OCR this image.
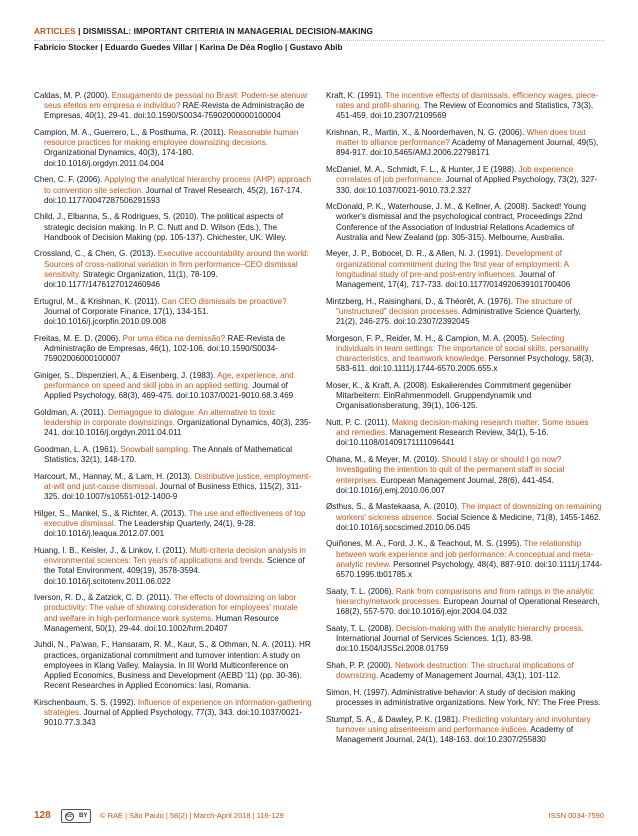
ARTICLES | DISMISSAL: IMPORTANT CRITERIA IN MANAGERIAL DECISION-MAKING
Fabricio Stocker | Eduardo Guedes Villar | Karina De Déa Roglio | Gustavo Abib

Caldas, M. P. (2000). Enxugamento de pessoal no Brasil: Podem-se atenuar seus efeitos em empresa e indivíduo? RAE-Revista de Administração de Empresas, 40(1), 29-41. doi:10.1590/S0034-75902000000100004

Campion, M. A., Guerrero, L., & Posthuma, R. (2011). Reasonable human resource practices for making employee downsizing decisions. Organizational Dynamics, 40(3), 174-180. doi:10.1016/j.orgdyn.2011.04.004

Chen, C. F. (2006). Applying the analytical hierarchy process (AHP) approach to convention site selection. Journal of Travel Research, 45(2), 167-174. doi:10.1177/0047287506291593

Child, J., Elbanna, S., & Rodrigues, S. (2010). The political aspects of strategic decision making. In P. C. Nutt and D. Wilson (Eds.), The Handbook of Decision Making (pp. 105-137). Chichester, UK: Wiley.

Crossland, C., & Chen, G. (2013). Executive accountability around the world: Sources of cross-national variation in firm performance–CEO dismissal sensitivity. Strategic Organization, 11(1), 78-109. doi:10.1177/1476127012460946

Ertugrul, M., & Krishnan, K. (2011). Can CEO dismissals be proactive? Journal of Corporate Finance, 17(1), 134-151. doi:10.1016/j.jcorpfin.2010.09.008

Freitas, M. E. D. (2006). Por uma ética na demissão? RAE-Revista de Administração de Empresas, 46(1), 102-106. doi:10.1590/S0034-75902006000100007

Giniger, S., Dispenzieri, A., & Eisenberg, J. (1983). Age, experience, and performance on speed and skill jobs in an applied setting. Journal of Applied Psychology, 68(3), 469-475. doi:10.1037/0021-9010.68.3.469

Goldman, A. (2011). Demagogue to dialogue: An alternative to toxic leadership in corporate downsizings. Organizational Dynamics, 40(3), 235-241. doi:10.1016/j.orgdyn.2011.04.011

Goodman, L. A. (1961). Snowball sampling. The Annals of Mathematical Statistics, 32(1), 148-170.

Harcourt, M., Hannay, M., & Lam, H. (2013). Distributive justice, employment-at-will and just-cause dismissal. Journal of Business Ethics, 115(2), 311-325. doi:10.1007/s10551-012-1400-9

Hilger, S., Mankel, S., & Richter, A. (2013). The use and effectiveness of top executive dismissal. The Leadership Quarterly, 24(1), 9-28. doi:10.1016/j.leaqua.2012.07.001

Huang, I. B., Keisler, J., & Linkov, I. (2011). Multi-criteria decision analysis in environmental sciences: Ten years of applications and trends. Science of the Total Environment, 409(19), 3578-3594. doi:10.1016/j.scitotenv.2011.06.022

Iverson, R. D., & Zatzick, C. D. (2011). The effects of downsizing on labor productivity: The value of showing consideration for employees' morale and welfare in high-performance work systems. Human Resource Management, 50(1), 29-44. doi:10.1002/hrm.20407

Juhdi, N., Pa'wan, F., Hansaram, R. M., Kaur, S., & Othman, N. A. (2011). HR practices, organizational commitment and turnover intention: A study on employees in Klang Valley, Malaysia. In III World Multiconference on Applied Economics, Business and Development (AEBD '11) (pp. 30-36). Recent Researches in Applied Economics: Iasi, Romania.

Kirschenbaum, S. S. (1992). Influence of experience on information-gathering strategies. Journal of Applied Psychology, 77(3), 343. doi:10.1037/0021-9010.77.3.343

Kraft, K. (1991). The incentive effects of dismissals, efficiency wages, piece-rates and profit-sharing. The Review of Economics and Statistics, 73(3), 451-459. doi:10.2307/2109569

Krishnan, R., Martin, X., & Noorderhaven, N. G. (2006). When does trust matter to alliance performance? Academy of Management Journal, 49(5), 894-917. doi:10.5465/AMJ.2006.22798171

McDaniel, M. A., Schmidt, F. L., & Hunter, J E (1988). Job experience correlates of job performance. Journal of Applied Psychology, 73(2), 327-330. doi:10.1037/0021-9010.73.2.327

McDonald, P. K., Waterhouse, J. M., & Kellner, A. (2008). Sacked! Young worker's dismissal and the psychological contract, Proceedings 22nd Conference of the Association of Industrial Relations Academics of Australia and New Zealand (pp. 305-315). Melbourne, Australia.

Meyer, J. P., Bobocel, D. R., & Allen, N. J. (1991). Development of organizational commitment during the first year of employment: A longitudinal study of pre-and post-entry influences. Journal of Management, 17(4), 717-733. doi:10.1177/014920639101700406

Mintzberg, H., Raisinghani, D., & Théorêt, A. (1976). The structure of "unstructured" decision processes. Administrative Science Quarterly, 21(2), 246-275. doi:10.2307/2392045

Morgeson, F. P., Reider, M. H., & Campion, M. A. (2005). Selecting individuals in team settings: The importance of social skills, personality characteristics, and teamwork knowledge. Personnel Psychology, 58(3), 583-611. doi:10.1111/j.1744-6570.2005.655.x

Moser, K., & Kraft, A. (2008). Eskalierendes Commitment gegenüber Mitarbeitern: EinRahmenmodell. Gruppendynamik und Organisationsberatung, 39(1), 106-125.

Nutt, P. C. (2011). Making decision-making research matter: Some issues and remedies. Management Research Review, 34(1), 5-16. doi:10.1108/01409171111096441

Ohana, M., & Meyer, M. (2010). Should I stay or should I go now? Investigating the intention to quit of the permanent staff in social enterprises. European Management Journal, 28(6), 441-454. doi:10.1016/j.emj.2010.06.007

Østhus, S., & Mastekaasa, A. (2010). The impact of downsizing on remaining workers' sickness absence. Social Science & Medicine, 71(8), 1455-1462. doi:10.1016/j.socscimed.2010.06.045

Quiñones, M. A., Ford, J. K., & Teachout, M. S. (1995). The relationship between work experience and job performance: A conceptual and meta-analytic review. Personnel Psychology, 48(4), 887-910. doi:10.1111/j.1744-6570.1995.tb01785.x

Saaty, T. L. (2006). Rank from comparisons and from ratings in the analytic hierarchy/network processes. European Journal of Operational Research, 168(2), 557-570. doi:10.1016/j.ejor.2004.04.032

Saaty, T. L. (2008). Decision-making with the analytic hierarchy process. International Journal of Services Sciences, 1(1), 83-98. doi:10.1504/IJSSci.2008.01759

Shah, P. P. (2000). Network destruction: The structural implications of downsizing. Academy of Management Journal, 43(1), 101-112.

Simon, H. (1997). Administrative behavior: A study of decision making processes in administrative organizations. New York, NY: The Free Press.

Stumpf, S. A., & Dawley, P. K. (1981). Predicting voluntary and involuntary turnover using absenteeism and performance indices. Academy of Management Journal, 24(1), 148-163. doi:10.2307/255830

128	cc BY © RAE | São Paulo | 58(2) | March-April 2018 | 116-129	ISSN 0034-7590
